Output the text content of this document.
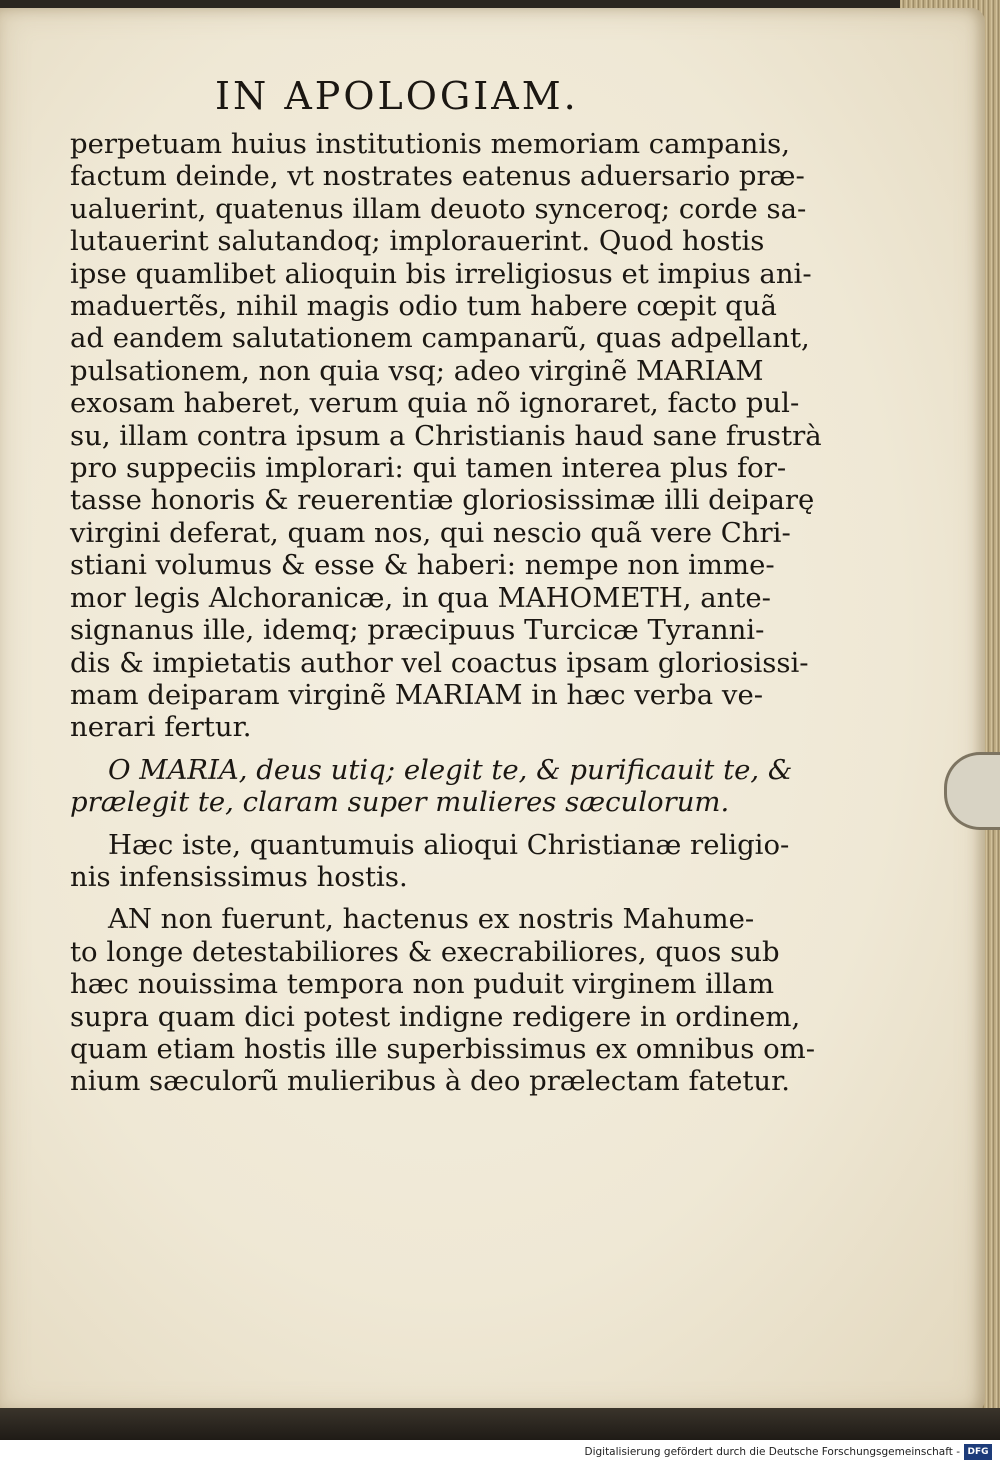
IN APOLOGIAM.
perpetuam huius institutionis memoriam campanis,
factum deinde, vt nostrates eatenus aduersario præ-
ualuerint, quatenus illam deuoto synceroq; corde sa-
lutauerint salutandoq; implorauerint. Quod hostis
ipse quamlibet alioquin bis irreligiosus et impius ani-
maduertẽs, nihil magis odio tum habere cœpit quã
ad eandem salutationem campanarũ, quas adpellant,
pulsationem, non quia vsq; adeo virginẽ MARIAM
exosam haberet, verum quia nõ ignoraret, facto pul-
su, illam contra ipsum a Christianis haud sane frustrà
pro suppeciis implorari: qui tamen interea plus for-
tasse honoris & reuerentiæ gloriosissimæ illi deiparę
virgini deferat, quam nos, qui nescio quã vere Chri-
stiani volumus & esse & haberi: nempe non imme-
mor legis Alchoranicæ, in qua MAHOMETH, ante-
signanus ille, idemq; præcipuus Turcicæ Tyranni-
dis & impietatis author vel coactus ipsam gloriosissi-
mam deiparam virginẽ MARIAM in hæc verba ve-
nerari fertur.
O MARIA, deus utiq; elegit te, & purificauit te, &
prælegit te, claram super mulieres sæculorum.
Hæc iste, quantumuis alioqui Christianæ religio-
nis infensissimus hostis.
AN non fuerunt, hactenus ex nostris Mahume-
to longe detestabiliores & execrabiliores, quos sub
hæc nouissima tempora non puduit virginem illam
supra quam dici potest indigne redigere in ordinem,
quam etiam hostis ille superbissimus ex omnibus om-
nium sæculorũ mulieribus à deo prælectam fatetur.
Digitalisierung gefördert durch die Deutsche Forschungsgemeinschaft - DFG
